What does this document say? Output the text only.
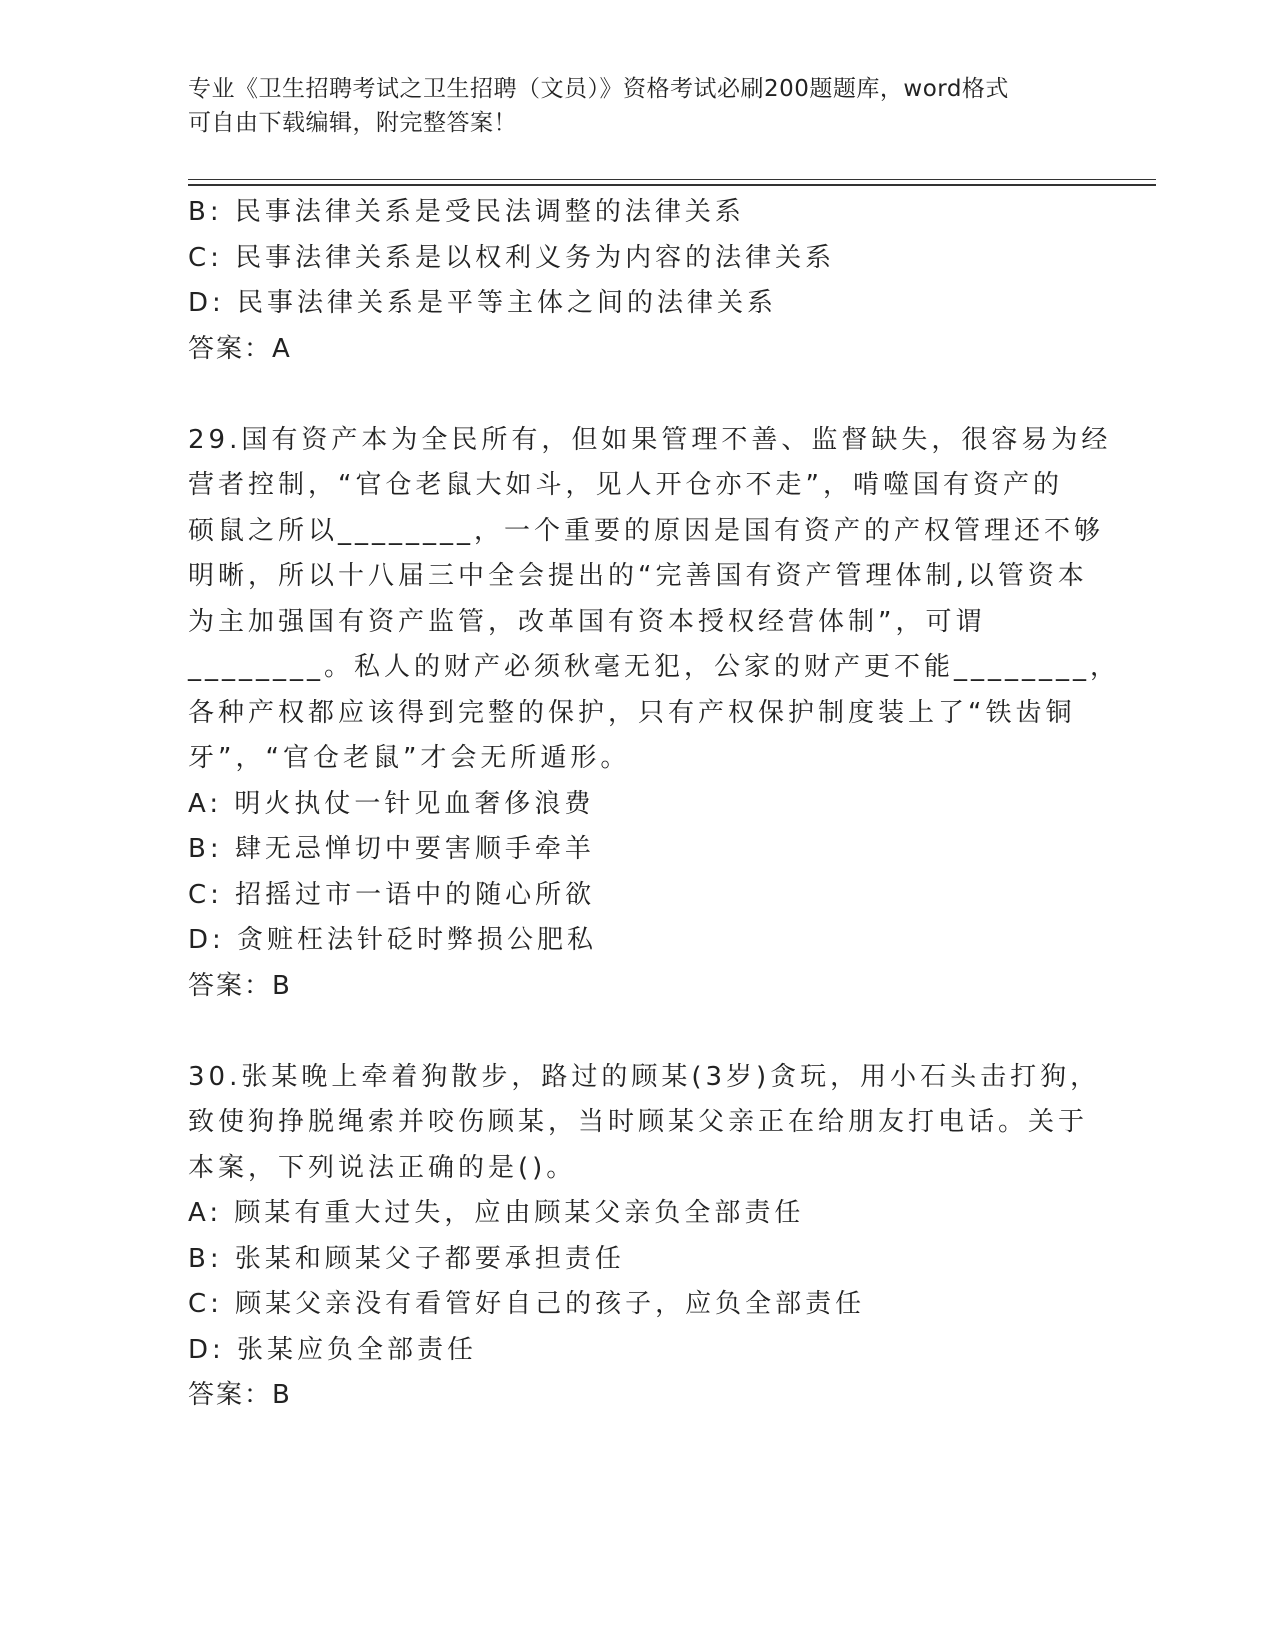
专业《卫生招聘考试之卫生招聘（文员）》资格考试必刷200题题库，word格式
可自由下载编辑，附完整答案！
B: 民事法律关系是受民法调整的法律关系
C: 民事法律关系是以权利义务为内容的法律关系
D: 民事法律关系是平等主体之间的法律关系
答案：A
29.国有资产本为全民所有，但如果管理不善、监督缺失，很容易为经
营者控制，“官仓老鼠大如斗，见人开仓亦不走”，啃噬国有资产的
硕鼠之所以________，一个重要的原因是国有资产的产权管理还不够
明晰，所以十八届三中全会提出的“完善国有资产管理体制,以管资本
为主加强国有资产监管，改革国有资本授权经营体制”，可谓
________。私人的财产必须秋毫无犯，公家的财产更不能________，
各种产权都应该得到完整的保护，只有产权保护制度装上了“铁齿铜
牙”，“官仓老鼠”才会无所遁形。
A: 明火执仗一针见血奢侈浪费
B: 肆无忌惮切中要害顺手牵羊
C: 招摇过市一语中的随心所欲
D: 贪赃枉法针砭时弊损公肥私
答案：B
30.张某晚上牵着狗散步，路过的顾某(3岁)贪玩，用小石头击打狗，
致使狗挣脱绳索并咬伤顾某，当时顾某父亲正在给朋友打电话。关于
本案，下列说法正确的是()。
A: 顾某有重大过失，应由顾某父亲负全部责任
B: 张某和顾某父子都要承担责任
C: 顾某父亲没有看管好自己的孩子，应负全部责任
D: 张某应负全部责任
答案：B
